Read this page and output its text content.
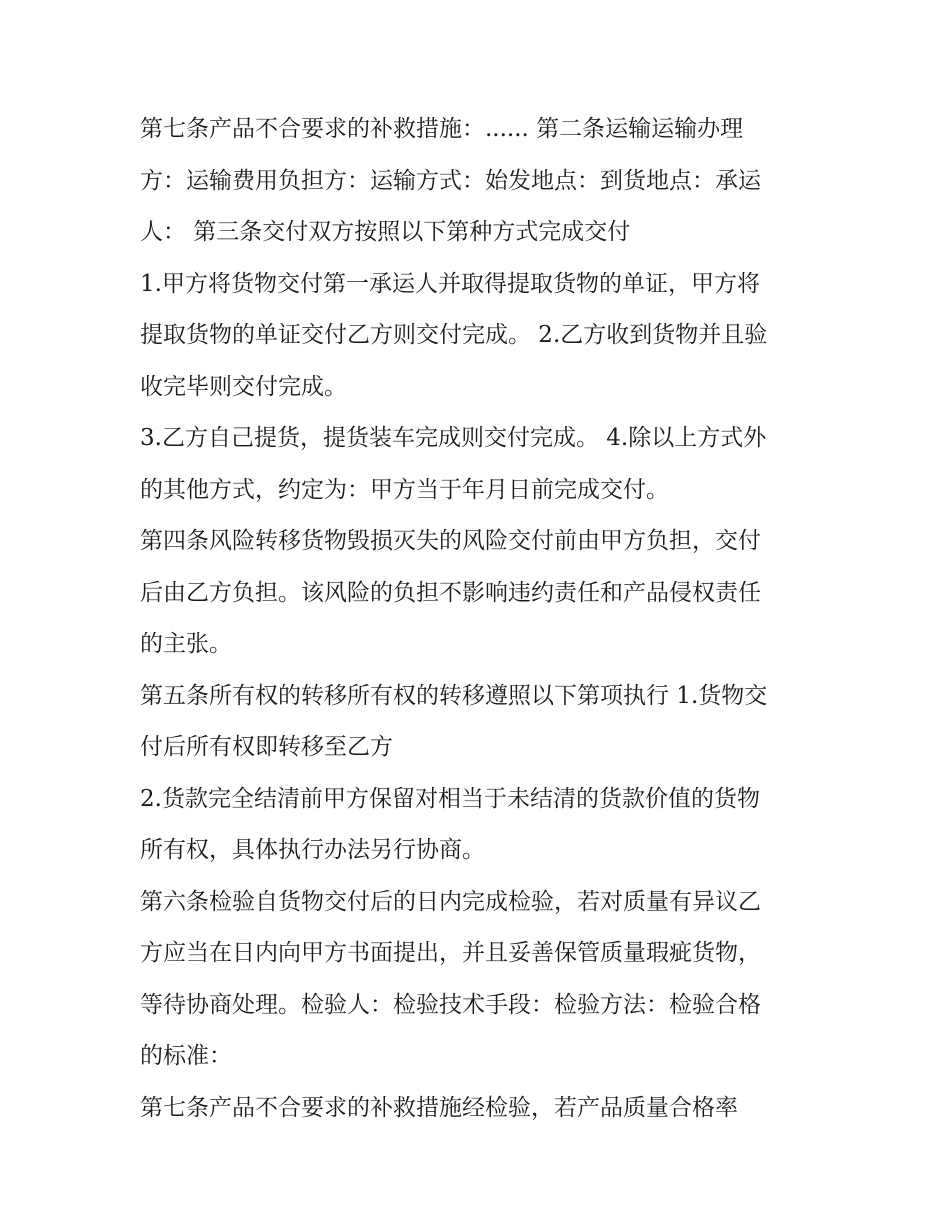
第七条产品不合要求的补救措施：...... 第二条运输运输办理
方：运输费用负担方：运输方式：始发地点：到货地点：承运
人： 第三条交付双方按照以下第种方式完成交付
1.甲方将货物交付第一承运人并取得提取货物的单证，甲方将
提取货物的单证交付乙方则交付完成。 2.乙方收到货物并且验
收完毕则交付完成。
3.乙方自己提货，提货装车完成则交付完成。 4.除以上方式外
的其他方式，约定为：甲方当于年月日前完成交付。
第四条风险转移货物毁损灭失的风险交付前由甲方负担，交付
后由乙方负担。该风险的负担不影响违约责任和产品侵权责任
的主张。
第五条所有权的转移所有权的转移遵照以下第项执行 1.货物交
付后所有权即转移至乙方
2.货款完全结清前甲方保留对相当于未结清的货款价值的货物
所有权，具体执行办法另行协商。
第六条检验自货物交付后的日内完成检验，若对质量有异议乙
方应当在日内向甲方书面提出，并且妥善保管质量瑕疵货物，
等待协商处理。检验人：检验技术手段：检验方法：检验合格
的标准：
第七条产品不合要求的补救措施经检验，若产品质量合格率
